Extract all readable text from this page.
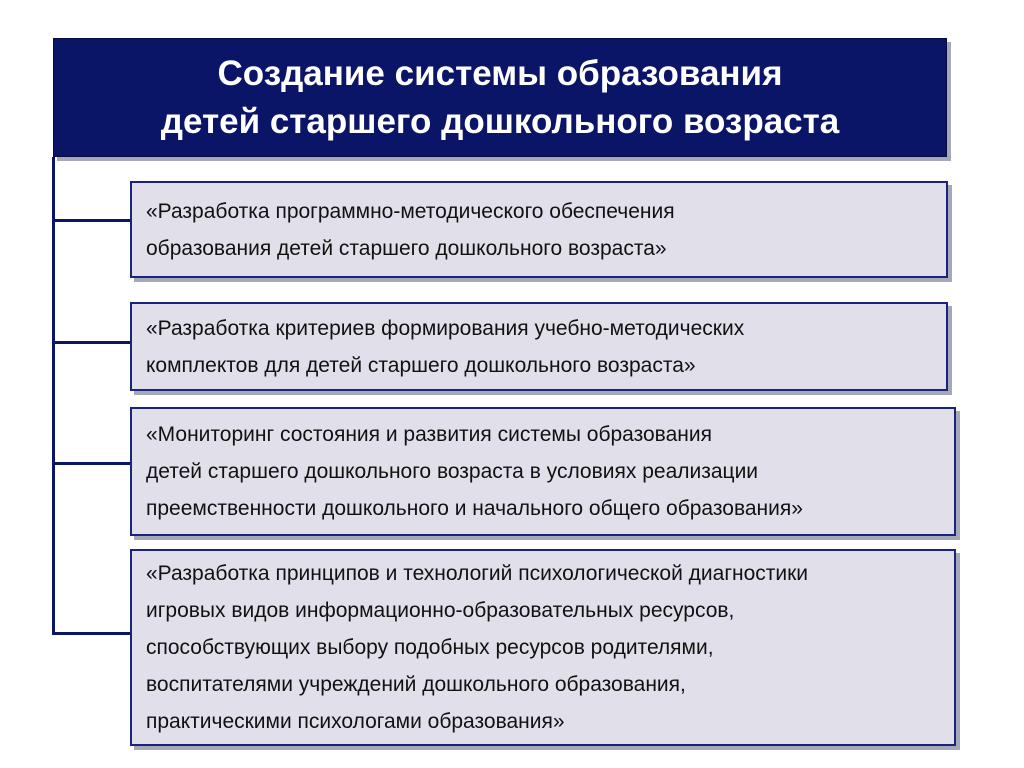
Создание системы образования
детей старшего дошкольного возраста
«Разработка программно-методического обеспечения
образования детей старшего дошкольного возраста»
«Разработка критериев формирования учебно-методических
комплектов для детей старшего дошкольного возраста»
«Мониторинг состояния и развития системы образования
детей старшего дошкольного возраста в условиях реализации
преемственности дошкольного и начального общего образования»
«Разработка принципов и технологий психологической диагностики
игровых видов информационно-образовательных ресурсов,
способствующих выбору подобных ресурсов родителями,
воспитателями учреждений дошкольного образования,
практическими психологами образования»
